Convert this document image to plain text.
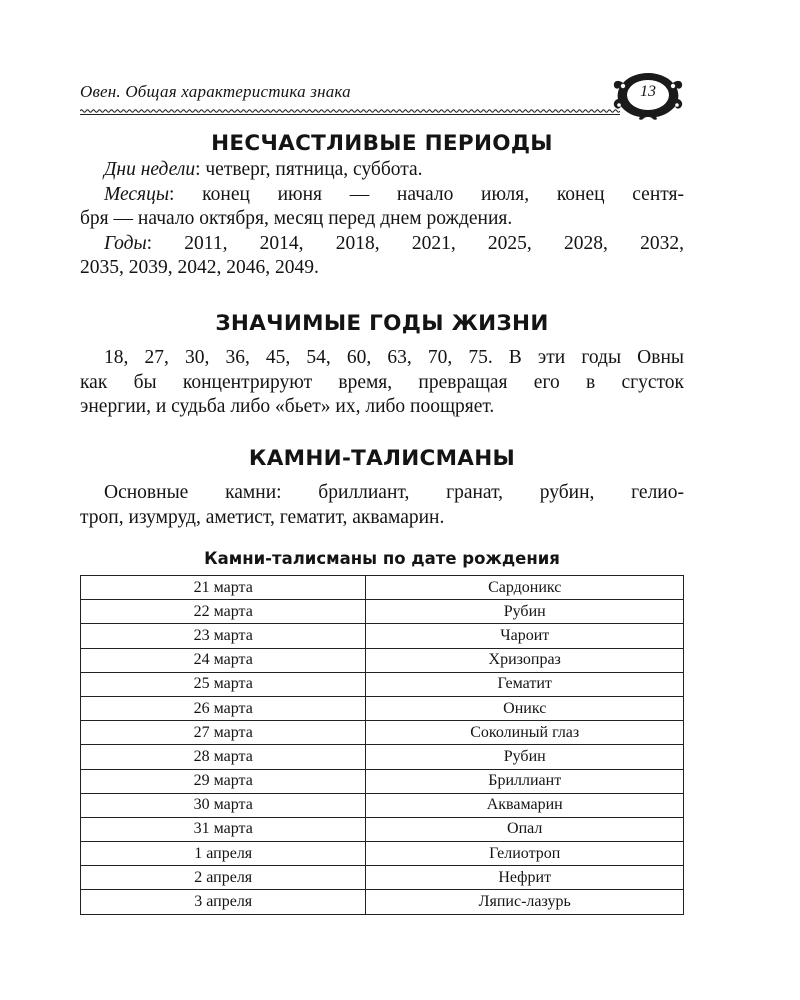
Овен. Общая характеристика знака	13
НЕСЧАСТЛИВЫЕ ПЕРИОДЫ
Дни недели: четверг, пятница, суббота.
Месяцы: конец июня — начало июля, конец сентя-
бря — начало октября, месяц перед днем рождения.
Годы: 2011, 2014, 2018, 2021, 2025, 2028, 2032,
2035, 2039, 2042, 2046, 2049.
ЗНАЧИМЫЕ ГОДЫ ЖИЗНИ
18, 27, 30, 36, 45, 54, 60, 63, 70, 75. В эти годы Овны
как бы концентрируют время, превращая его в сгусток
энергии, и судьба либо «бьет» их, либо поощряет.
КАМНИ-ТАЛИСМАНЫ
Основные камни: бриллиант, гранат, рубин, гелио-
троп, изумруд, аметист, гематит, аквамарин.
Камни-талисманы по дате рождения
21 марта	Сардоникс
22 марта	Рубин
23 марта	Чароит
24 марта	Хризопраз
25 марта	Гематит
26 марта	Оникс
27 марта	Соколиный глаз
28 марта	Рубин
29 марта	Бриллиант
30 марта	Аквамарин
31 марта	Опал
1 апреля	Гелиотроп
2 апреля	Нефрит
3 апреля	Ляпис-лазурь
